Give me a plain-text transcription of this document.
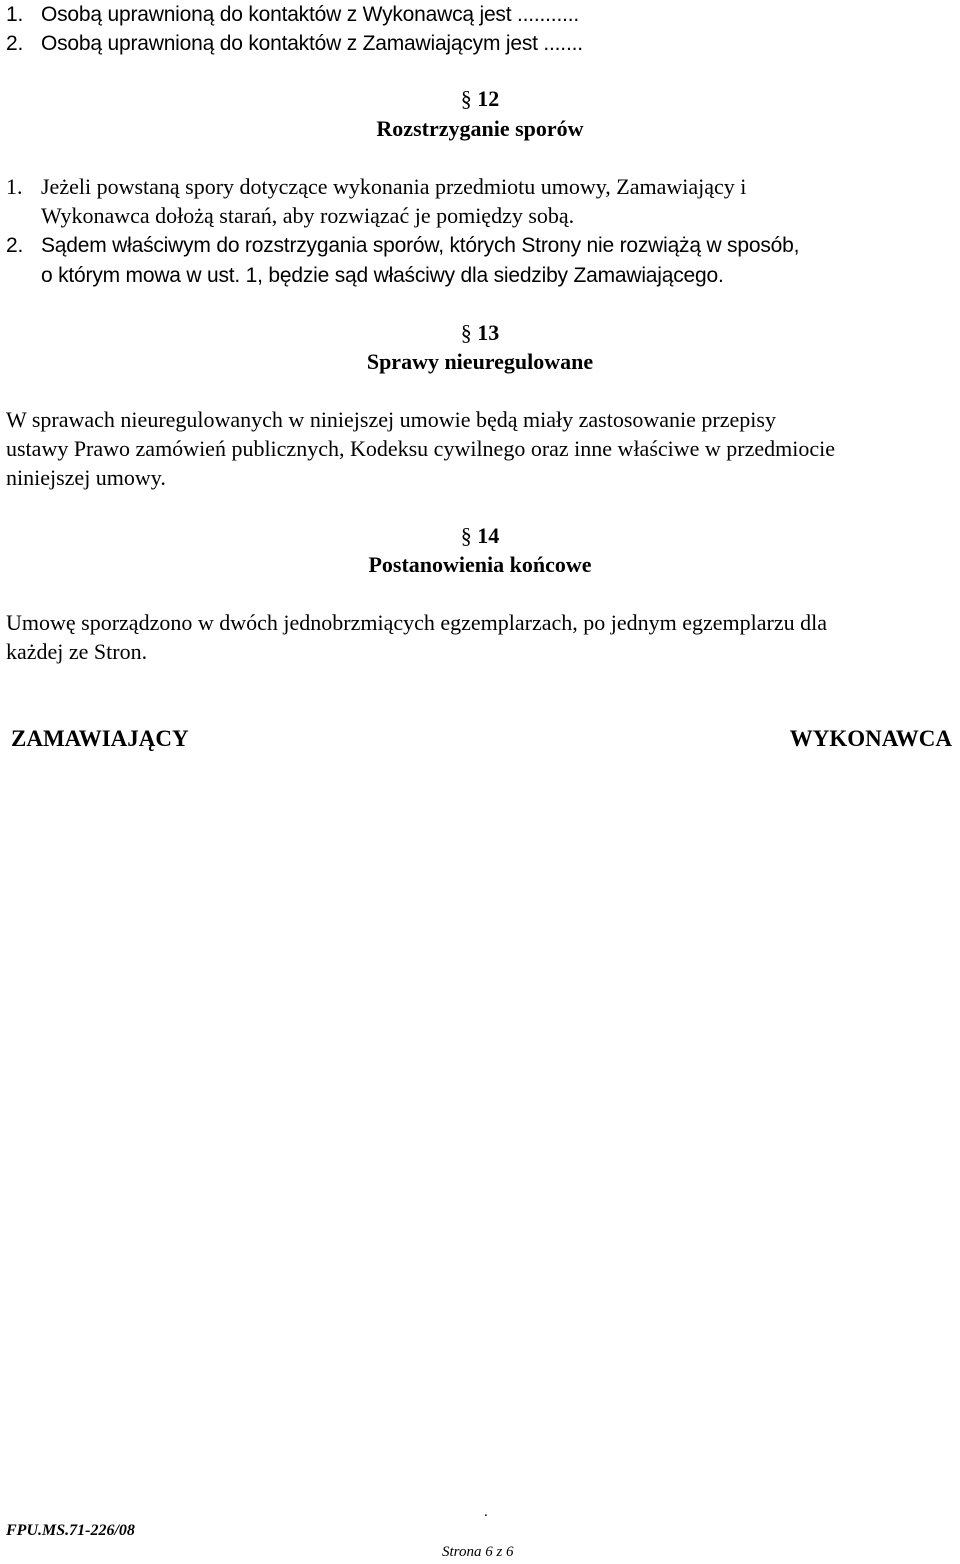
1. Osobą uprawnioną do kontaktów z Wykonawcą jest ...........
2. Osobą uprawnioną do kontaktów z Zamawiającym jest .......
§ 12
Rozstrzyganie sporów
1. Jeżeli powstaną spory dotyczące wykonania przedmiotu umowy, Zamawiający i
Wykonawca dołożą starań, aby rozwiązać je pomiędzy sobą.
2. Sądem właściwym do rozstrzygania sporów, których Strony nie rozwiążą w sposób,
o którym mowa w ust. 1, będzie sąd właściwy dla siedziby Zamawiającego.
§ 13
Sprawy nieuregulowane
W sprawach nieuregulowanych w niniejszej umowie będą miały zastosowanie przepisy
ustawy Prawo zamówień publicznych, Kodeksu cywilnego oraz inne właściwe w przedmiocie
niniejszej umowy.
§ 14
Postanowienia końcowe
Umowę sporządzono w dwóch jednobrzmiących egzemplarzach, po jednym egzemplarzu dla
każdej ze Stron.
ZAMAWIAJĄCY	WYKONAWCA
.
FPU.MS.71-226/08
Strona 6 z 6
